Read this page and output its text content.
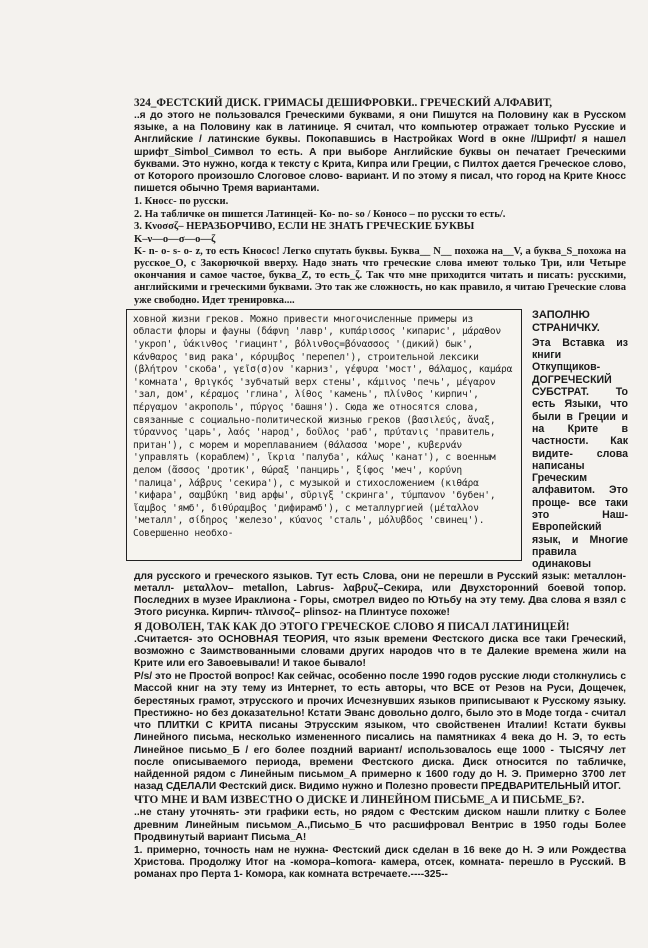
324_ФЕСТСКИЙ ДИСК. ГРИМАСЫ ДЕШИФРОВКИ.. ГРЕЧЕСКИЙ АЛФАВИТ,

..я до этого не пользовался Греческими буквами, я они Пишутся на Половину как в Русском языке, а на Половину как в латинице. Я считал, что компьютер отражает только Русские и Английские / латинские буквы. Покопавшись в Настройках Word в окне //Шрифт/ я нашел шрифт_Simbol_Символ то есть. А при выборе Английские буквы он печатает Греческими буквами. Это нужно, когда к тексту с Крита, Кипра или Греции, с Пилтох дается Греческое слово, от Которого произошло Слоговое слово- вариант. И по этому я писал, что город на Крите Кносс пишется обычно Тремя вариантами.

1. Кносс- по русски.
2. На табличке он пишется Латинцей- Ко- no- so / Конoсо – по русски то есть/.
3. Кνοσσζ– НЕРАЗБОРЧИВО, ЕСЛИ НЕ ЗНАТЬ ГРЕЧЕСКИЕ БУКВЫ

K–ν—ο—σ—ο—ζ

K- n- o- s- o- z, то есть Кносос! Легко спутать буквы. Буква__ N__ похожа на__V, а буква_S_похожа на русское_О, с Закорючкой вверху. Надо знать что греческие слова имеют только Три, или Четыре окончания и самое частое, буква_Z, то есть_ζ. Так что мне приходится читать и писать: русскими, английскими и греческими буквами. Это так же сложность, но как правило, я читаю Греческие слова уже свободно. Идет тренировка....

ховной жизни греков. Можно привести многочисленные примеры из области флоры и фауны (δάφνη 'лавр', κυπάρισσος 'кипарис', μάραθον 'укроп', ὑάκινθος 'гиацинт', βόλινθος=βόνασσος '(дикий) бык', κάνθαρος 'вид рака', κόρυμβος 'перепел'), строительной лексики (βλήτρον 'скоба', γεῖσ(σ)ον 'карниз', γέφυρα 'мост', θάλαμος, καμάρα 'комната', θριγκός 'зубчатый верх стены', κάμινος 'печь', μέγαρον 'зал, дом', κέραμος 'глина', λίθος 'камень', πλίνθος 'кирпич', πέργαμον 'акрополь', πύργος 'башня'). Сюда же относятся слова, связанные с социально-политической жизнью греков (βασιλεύς, ἄναξ, τύραννος 'царь', λαός 'народ', δοῦλος 'раб', πρύτανις 'правитель, притан'), с морем и мореплаванием (θάλασσα 'море', κυβερνάν 'управлять (кораблем)', ἴκρια 'палуба', κάλως 'канат'), с военным делом (ἄσσος 'дротик', θώραξ 'панцирь', ξίφος 'меч', κορύνη 'палица', λάβρυς 'секира'), с музыкой и стихосложением (κιθάρα 'кифара', σαμβύκη 'вид арфы', σῦριγξ 'скринга', τύμπανον 'бубен', ἴαμβος 'ямб', διθύραμβος 'дифирамб'), с металлургией (μέταλλον 'металл', σίδηρος 'железо', κύανος 'сталь', μόλυβδος 'свинец'). Совершенно необхо-

ЗАПОЛНЮ СТРАНИЧКУ.

Эта Вставка из книги Откупщиков-ДОГРЕЧЕСКИЙ СУБСТРАТ. То есть Языки, что были в Греции и на Крите в частности. Как видите- слова написаны Греческим алфавитом. Это проще- все таки это Наш- Европейский язык, и Многие правила одинаковы

для русского и греческого языков. Тут есть Слова, они не перешли в Русский язык: металлон- металл- μεταλλον– metallon, Labrus- λαβρυζ–Секира, или Двухсторонний боевой топор. Последних в музее Ираклиона - Горы, смотрел видео по Ютьбу на эту тему. Два слова я взял с Этого рисунка. Кирпич- πλινσοζ– plinsoz- на Плинтусе похоже!

Я ДОВОЛЕН, ТАК КАК ДО ЭТОГО ГРЕЧЕСКОЕ СЛОВО Я ПИСАЛ ЛАТИНИЦЕЙ!

.Считается- это ОСНОВНАЯ ТЕОРИЯ, что язык времени Фестского диска все таки Греческий, возможно с Заимствованными словами других народов что в те Далекие времена жили на Крите или его Завоевывали! И такое бывало!

P/s/ это не Простой вопрос! Как сейчас, особенно после 1990 годов русские люди столкнулись с Массой книг на эту тему из Интернет, то есть авторы, что ВСЕ от Резов на Руси, Дощечек, берестяных грамот, этрусского и прочих Исчезнувших языков приписывают к Русскому языку. Престижно- но без доказательно! Кстати Эванс довольно долго, было это в Моде тогда - считал что ПЛИТКИ С КРИТА писаны Этрусским языком, что свойственен Италии! Кстати буквы Линейного письма, несколько измененного писались на памятниках 4 века до Н. Э, то есть Линейное письмо_Б / его более поздний вариант/ использовалось еще 1000 - ТЫСЯЧУ лет после описываемого периода, времени Фестского диска. Диск относится по табличке, найденной рядом с Линейным письмом_А примерно к 1600 году до Н. Э. Примерно 3700 лет назад СДЕЛАЛИ Фестский диск. Видимо нужно и Полезно провести ПРЕДВАРИТЕЛЬНЫЙ ИТОГ.

ЧТО МНЕ И ВАМ ИЗВЕСТНО О ДИСКЕ И ЛИНЕЙНОМ ПИСЬМЕ_А И ПИСЬМЕ_Б?.

..не стану уточнять- эти графики есть, но рядом с Фестским диском нашли плитку с Более древним Линейным письмом_А.,Письмо_Б что расшифровал Вентрис в 1950 годы Более Продвинутый вариант Письма_А!

1. примерно, точность нам не нужна- Фестский диск сделан в 16 веке до Н. Э или Рождества Христова. Продолжу Итог на -комора–komora- камера, отсек, комната- перешло в Русский. В романах про Перта 1- Комора, как комната встречаете.----325--
